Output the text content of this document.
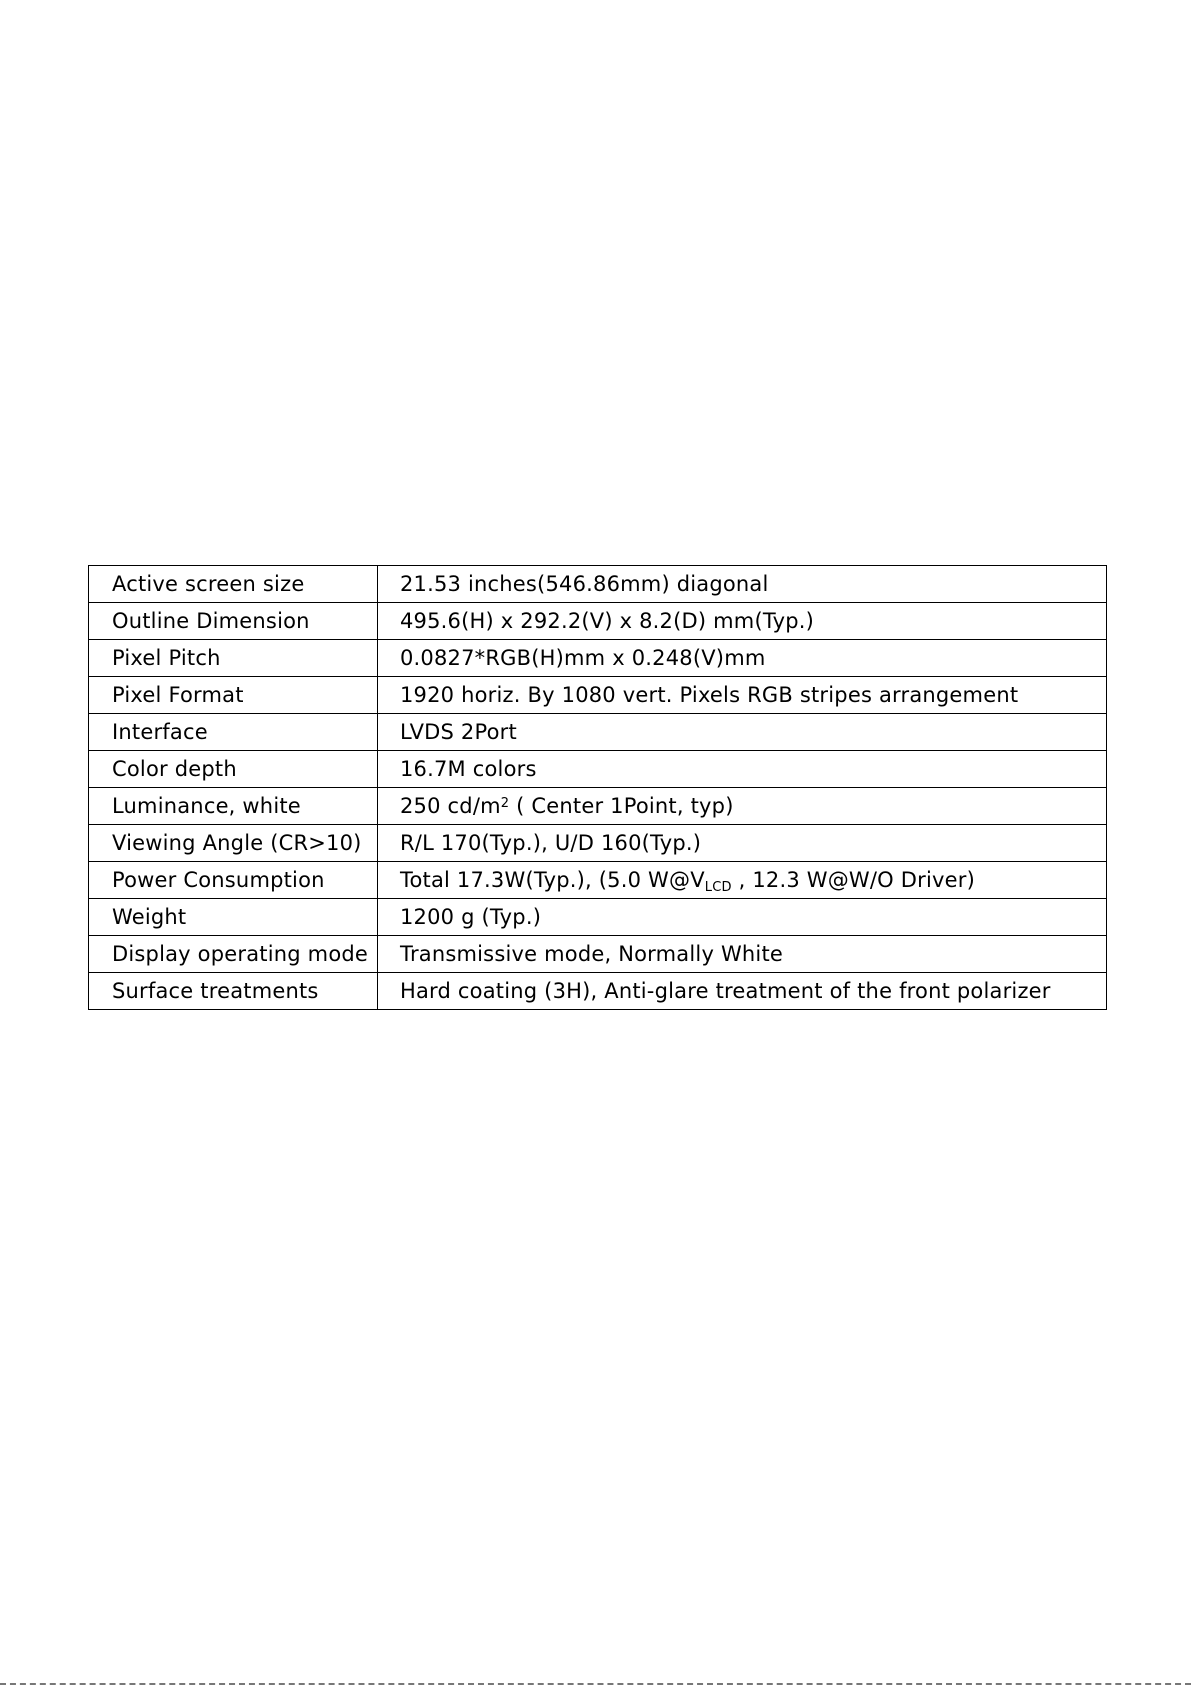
Active screen size	21.53 inches(546.86mm) diagonal
Outline Dimension	495.6(H) x 292.2(V) x 8.2(D) mm(Typ.)
Pixel Pitch	0.0827*RGB(H)mm x 0.248(V)mm
Pixel Format	1920 horiz. By 1080 vert. Pixels RGB stripes arrangement
Interface	LVDS 2Port
Color depth	16.7M colors
Luminance, white	250 $cd/m^2$ ( Center 1Point, typ)
Viewing Angle (CR>10)	R/L 170(Typ.), U/D 160(Typ.)
Power Consumption	Total 17.3W(Typ.), (5.0 $W@V_{LCD}$ , 12.3 W@W/O Driver)
Weight	1200 g (Typ.)
Display operating mode	Transmissive mode, Normally White
Surface treatments	Hard coating (3H), Anti-glare treatment of the front polarizer
